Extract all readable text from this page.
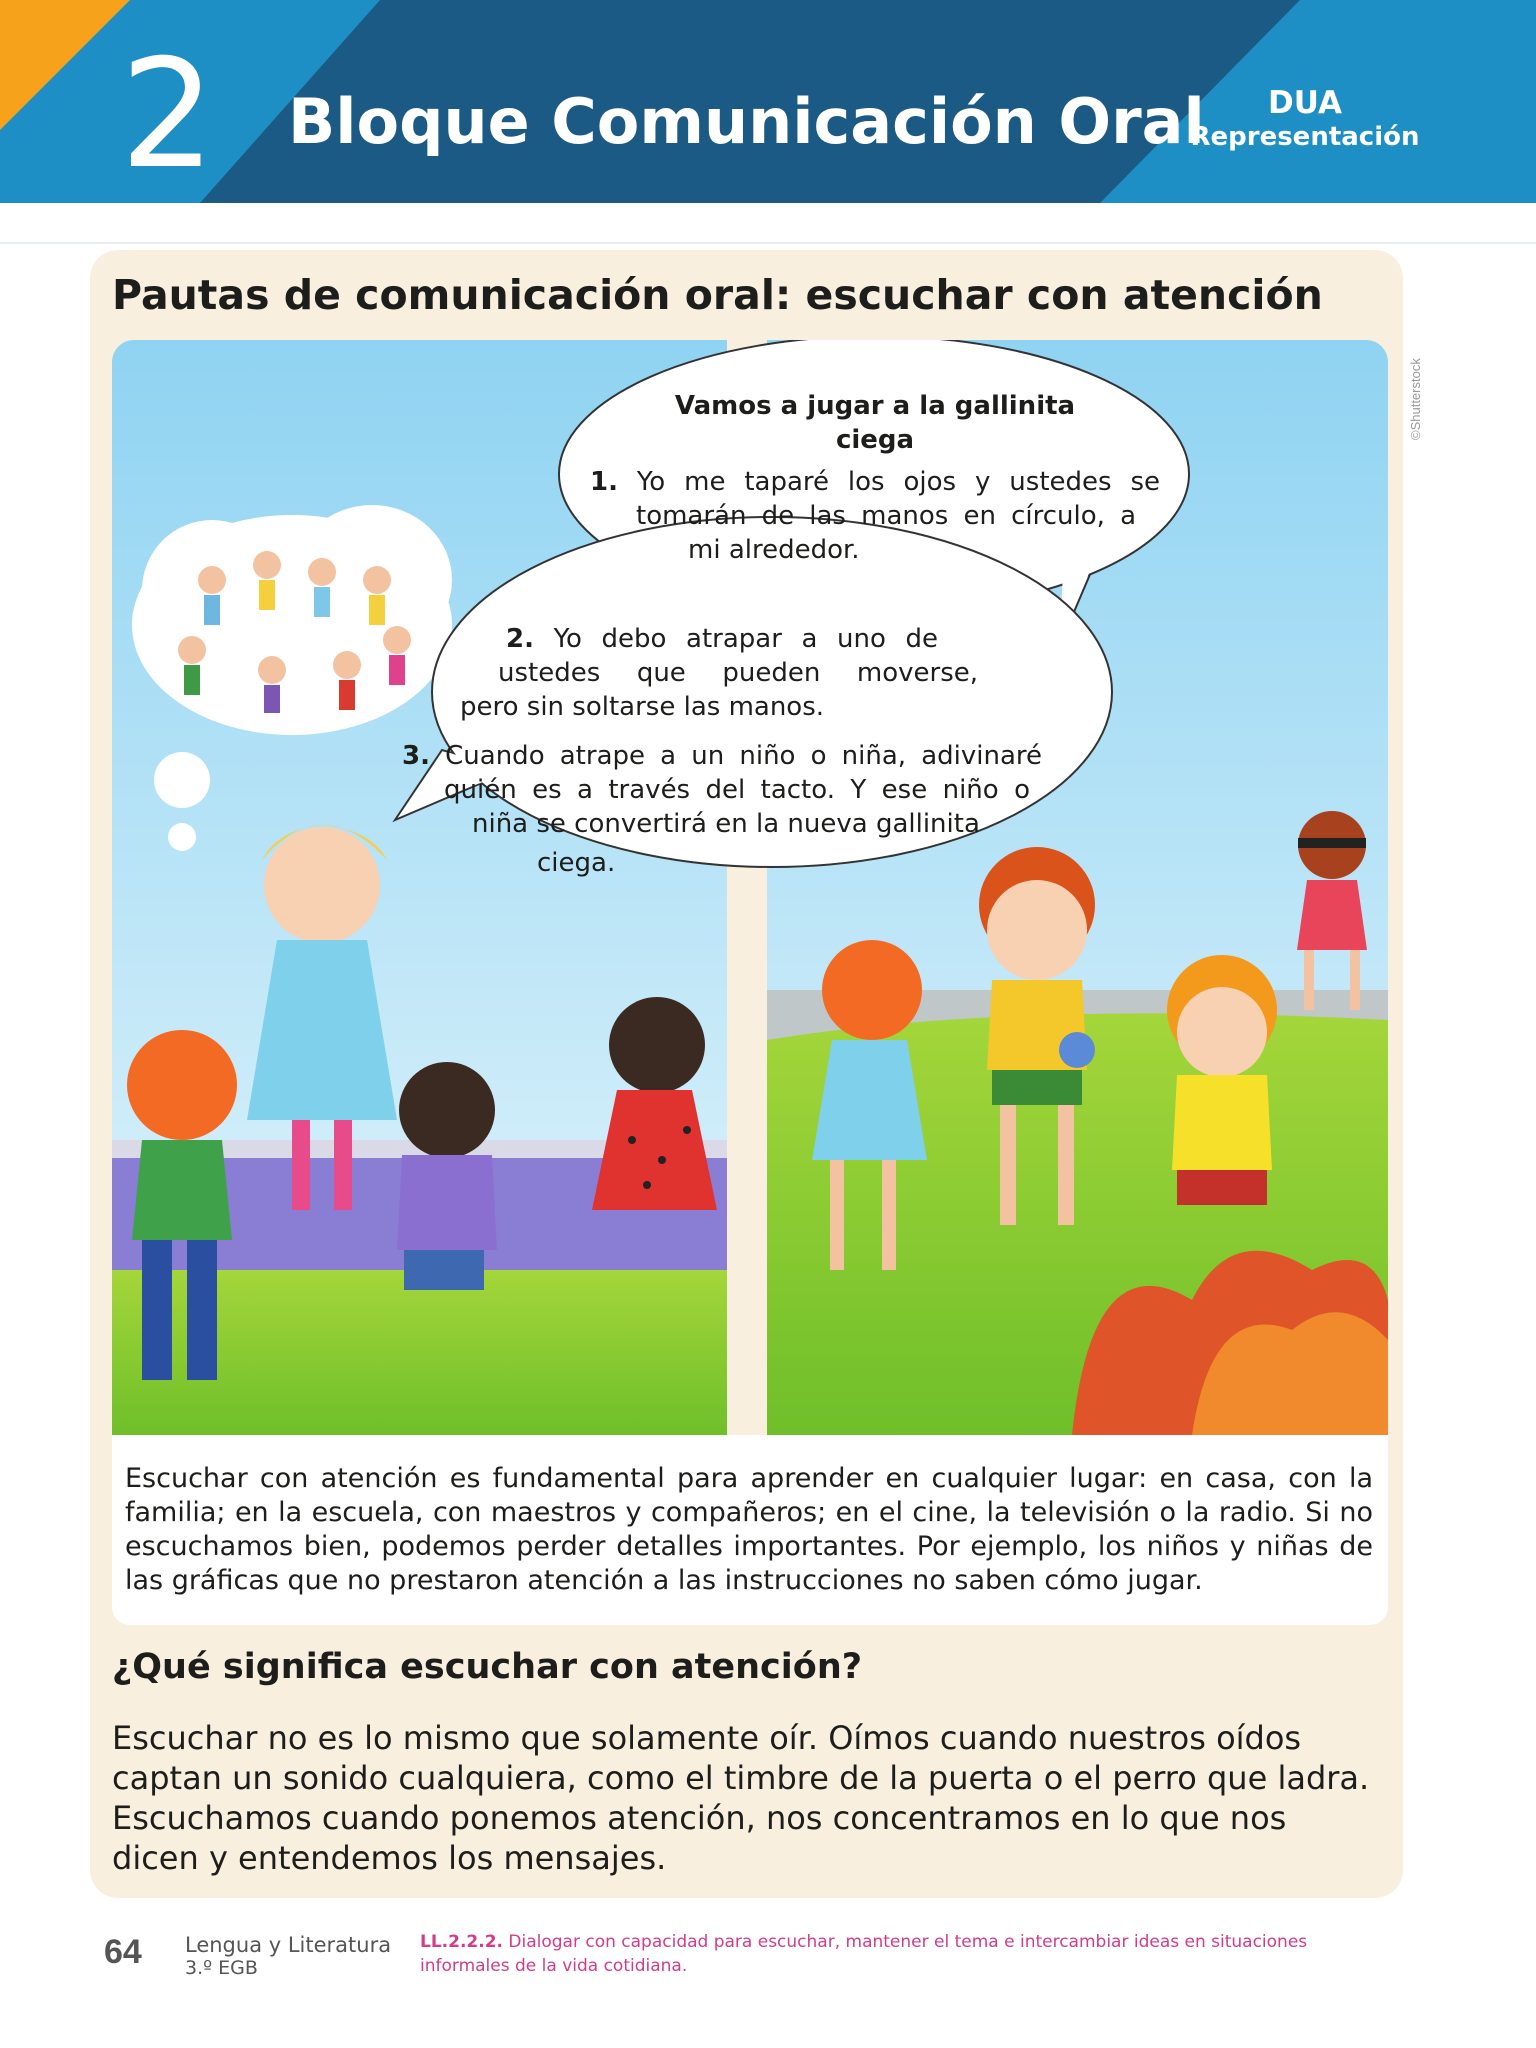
2 Bloque Comunicación Oral	DUA
Representación
Pautas de comunicación oral: escuchar con atención
©Shutterstock
Vamos a jugar a la gallinita ciega
1. Yo me taparé los ojos y ustedes se
tomarán de las manos en círculo, a
mi alrededor.
2. Yo debo atrapar a uno de
ustedes que pueden moverse,
pero sin soltarse las manos.
3. Cuando atrape a un niño o niña, adivinaré
quién es a través del tacto. Y ese niño o
niña se convertirá en la nueva gallinita
ciega.

Escuchar con atención es fundamental para aprender en cualquier lugar: en casa, con la familia; en la escuela, con maestros y compañeros; en el cine, la televisión o la radio. Si no escuchamos bien, podemos perder detalles importantes. Por ejemplo, los niños y niñas de las gráficas que no prestaron atención a las instrucciones no saben cómo jugar.

¿Qué significa escuchar con atención?

Escuchar no es lo mismo que solamente oír. Oímos cuando nuestros oídos captan un sonido cualquiera, como el timbre de la puerta o el perro que ladra. Escuchamos cuando ponemos atención, nos concentramos en lo que nos dicen y entendemos los mensajes.

64 Lengua y Literatura
3.º EGB

LL.2.2.2. Dialogar con capacidad para escuchar, mantener el tema e intercambiar ideas en situaciones informales de la vida cotidiana.
